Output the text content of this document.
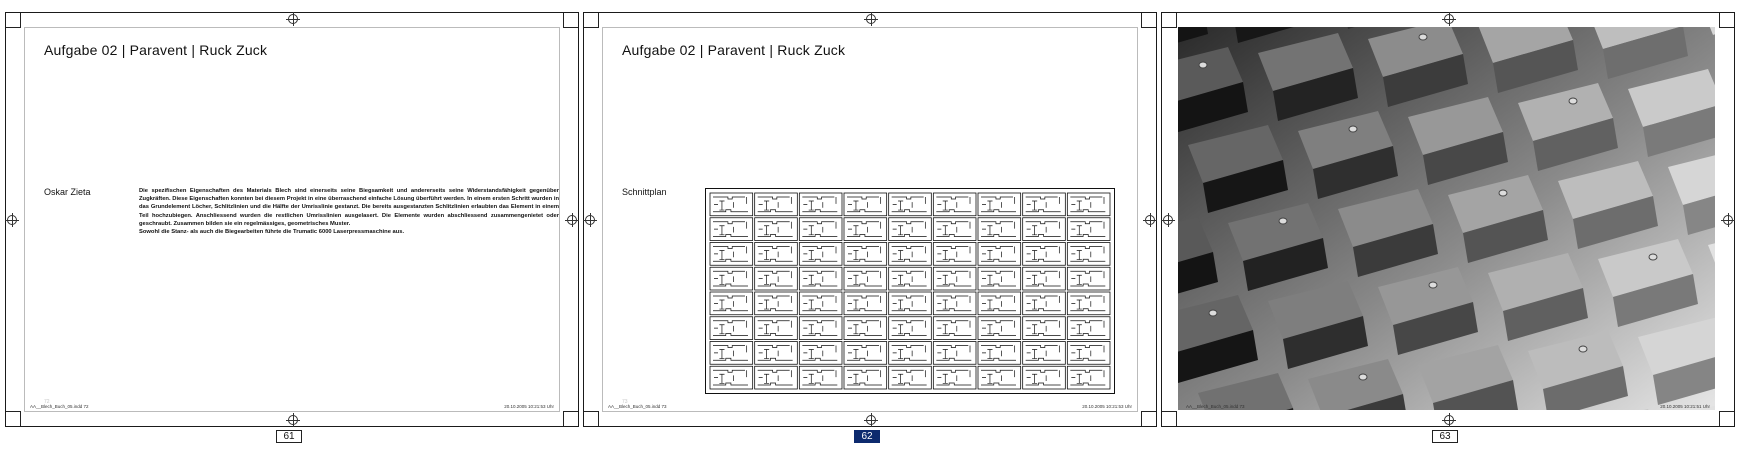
Aufgabe 02 | Paravent | Ruck Zuck
Oskar Zieta	Die spezifischen Eigenschaften des Materials Blech sind einerseits seine Biegsamkeit und andererseits seine Widerstandsfähigkeit gegenüber Zugkräften. Diese Eigenschaften konnten bei diesem Projekt in eine überraschend einfache Lösung überführt werden. In einem ersten Schritt wurden in das Grundelement Löcher, Schlitzlinien und die Hälfte der Umrisslinie gestanzt. Die bereits ausgestanzten Schlitzlinien erlaubten das Element in einem Teil hochzubiegen. Anschliessend wurden die restlichen Umrisslinien ausgelasert. Die Elemente wurden abschliessend zusammengenietet oder geschraubt. Zusammen bilden sie ein regelmässiges, geometrisches Muster.

Sowohl die Stanz- als auch die Biegearbeiten führte die Trumatic 6000 Laserpressmaschine aus.

72
AA__Blech_Buch_05.indd 72	20.10.2005 10:21:53 Uhr
Aufgabe 02 | Paravent | Ruck Zuck
Schnittplan
73
AA__Blech_Buch_05.indd 73	20.10.2005 10:21:53 Uhr	AA__Blech_Buch_05.indd 73	20.10.2005 10:21:51 Uhr
61	62	63
